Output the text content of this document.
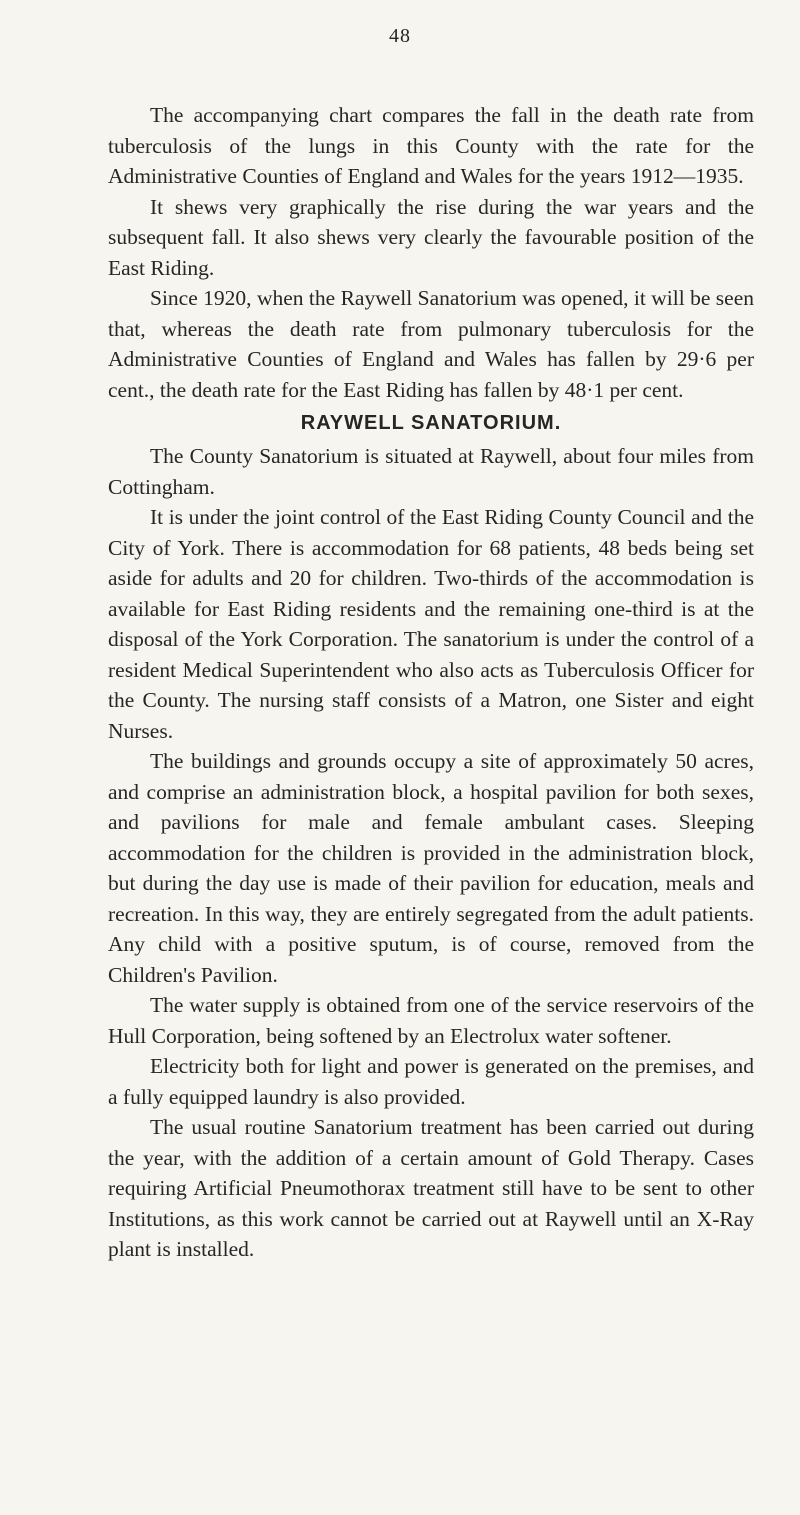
48

The accompanying chart compares the fall in the death rate from tuberculosis of the lungs in this County with the rate for the Administrative Counties of England and Wales for the years 1912—1935.

It shews very graphically the rise during the war years and the subsequent fall. It also shews very clearly the favourable position of the East Riding.

Since 1920, when the Raywell Sanatorium was opened, it will be seen that, whereas the death rate from pulmonary tuberculosis for the Administrative Counties of England and Wales has fallen by 29·6 per cent., the death rate for the East Riding has fallen by 48·1 per cent.

RAYWELL SANATORIUM.

The County Sanatorium is situated at Raywell, about four miles from Cottingham.

It is under the joint control of the East Riding County Council and the City of York. There is accommodation for 68 patients, 48 beds being set aside for adults and 20 for children. Two-thirds of the accommodation is available for East Riding residents and the remaining one-third is at the disposal of the York Corporation. The sanatorium is under the control of a resident Medical Superintendent who also acts as Tuberculosis Officer for the County. The nursing staff consists of a Matron, one Sister and eight Nurses.

The buildings and grounds occupy a site of approximately 50 acres, and comprise an administration block, a hospital pavilion for both sexes, and pavilions for male and female ambulant cases. Sleeping accommodation for the children is provided in the administration block, but during the day use is made of their pavilion for education, meals and recreation. In this way, they are entirely segregated from the adult patients. Any child with a positive sputum, is of course, removed from the Children's Pavilion.

The water supply is obtained from one of the service reservoirs of the Hull Corporation, being softened by an Electrolux water softener.

Electricity both for light and power is generated on the premises, and a fully equipped laundry is also provided.

The usual routine Sanatorium treatment has been carried out during the year, with the addition of a certain amount of Gold Therapy. Cases requiring Artificial Pneumothorax treatment still have to be sent to other Institutions, as this work cannot be carried out at Raywell until an X-Ray plant is installed.
